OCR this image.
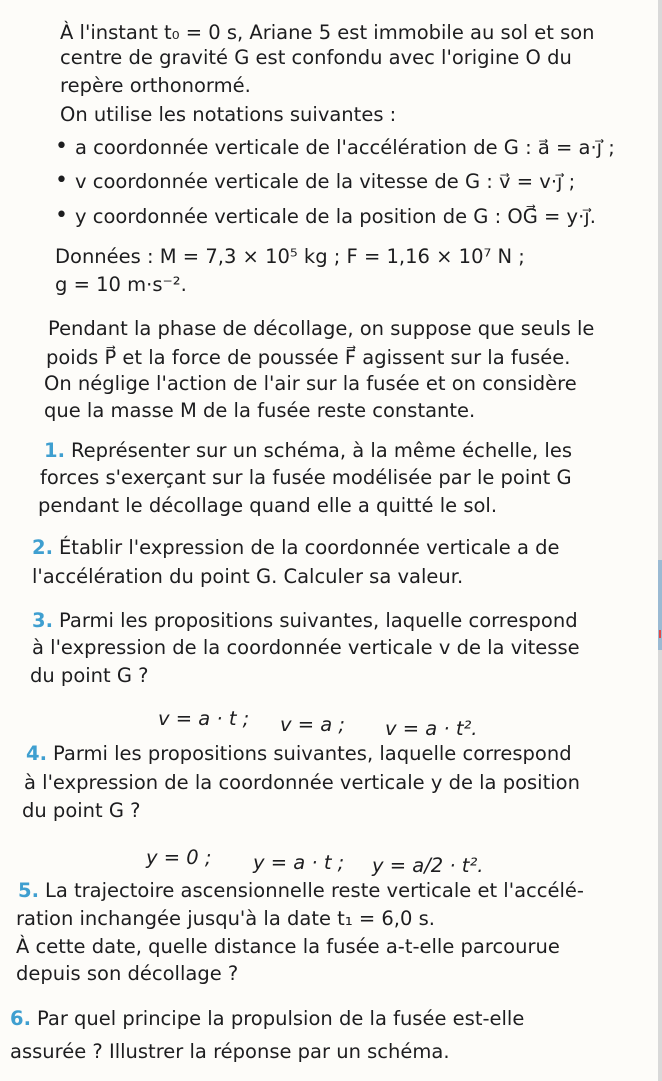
À l'instant t₀ = 0 s, Ariane 5 est immobile au sol et son
centre de gravité G est confondu avec l'origine O du
repère orthonormé.
On utilise les notations suivantes :
• a coordonnée verticale de l'accélération de G : a⃗ = a·j⃗ ;
• v coordonnée verticale de la vitesse de G : v⃗ = v·j⃗ ;
• y coordonnée verticale de la position de G : OG⃗ = y·j⃗.
Données : M = 7,3 × 10⁵ kg ; F = 1,16 × 10⁷ N ;
g = 10 m·s⁻².
Pendant la phase de décollage, on suppose que seuls le
poids P⃗ et la force de poussée F⃗ agissent sur la fusée.
On néglige l'action de l'air sur la fusée et on considère
que la masse M de la fusée reste constante.
1. Représenter sur un schéma, à la même échelle, les
forces s'exerçant sur la fusée modélisée par le point G
pendant le décollage quand elle a quitté le sol.
2. Établir l'expression de la coordonnée verticale a de
l'accélération du point G. Calculer sa valeur.
3. Parmi les propositions suivantes, laquelle correspond
à l'expression de la coordonnée verticale v de la vitesse
du point G ?
v = a · t ; v = a ; v = a · t².
4. Parmi les propositions suivantes, laquelle correspond
à l'expression de la coordonnée verticale y de la position
du point G ?
y = 0 ; y = a · t ; y = a/2 · t².
5. La trajectoire ascensionnelle reste verticale et l'accélé-
ration inchangée jusqu'à la date t₁ = 6,0 s.
À cette date, quelle distance la fusée a-t-elle parcourue
depuis son décollage ?
6. Par quel principe la propulsion de la fusée est-elle
assurée ? Illustrer la réponse par un schéma.
